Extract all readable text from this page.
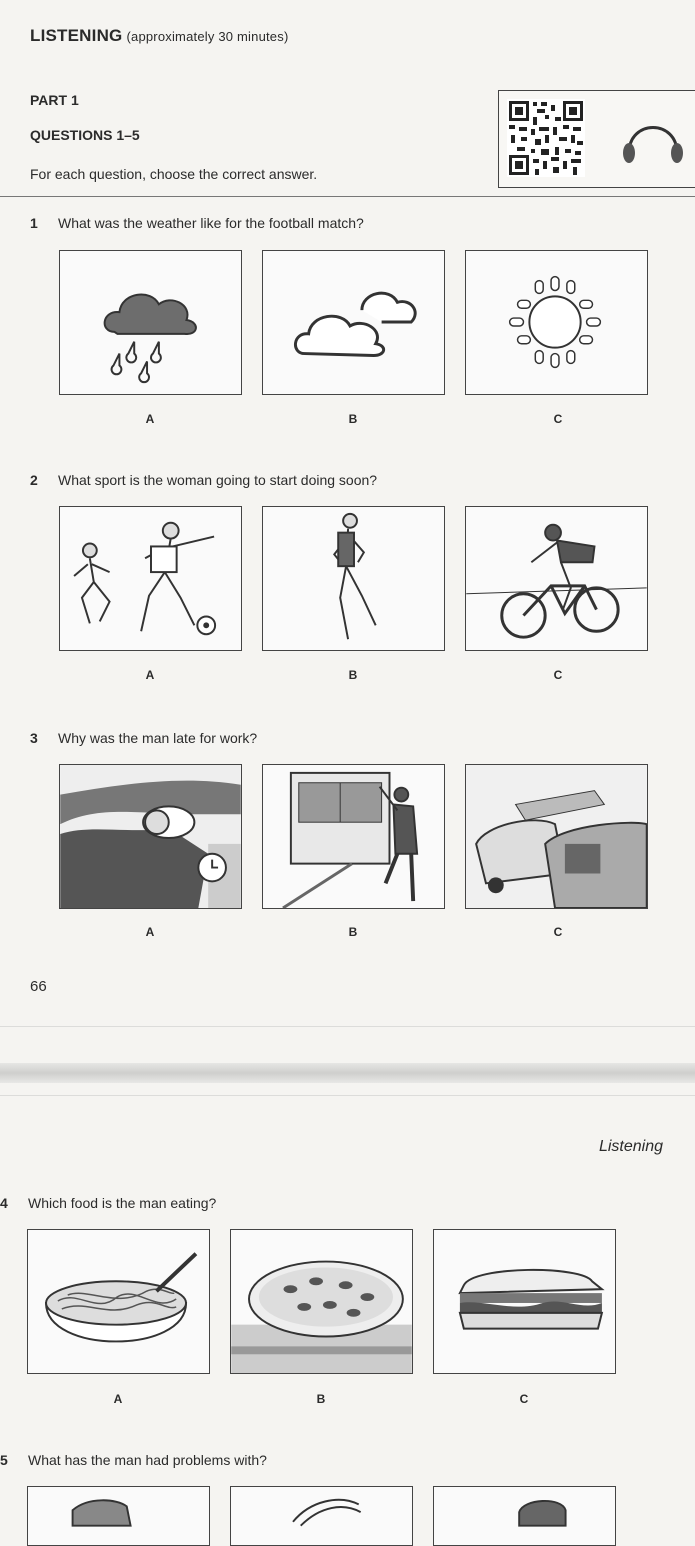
LISTENING (approximately 30 minutes)
PART 1
QUESTIONS 1–5
For each question, choose the correct answer.
1 What was the weather like for the football match?
A	B	C
2 What sport is the woman going to start doing soon?
A	B	C
3 Why was the man late for work?
A	B	C
66
Listening
4 Which food is the man eating?
A	B	C
5 What has the man had problems with?
